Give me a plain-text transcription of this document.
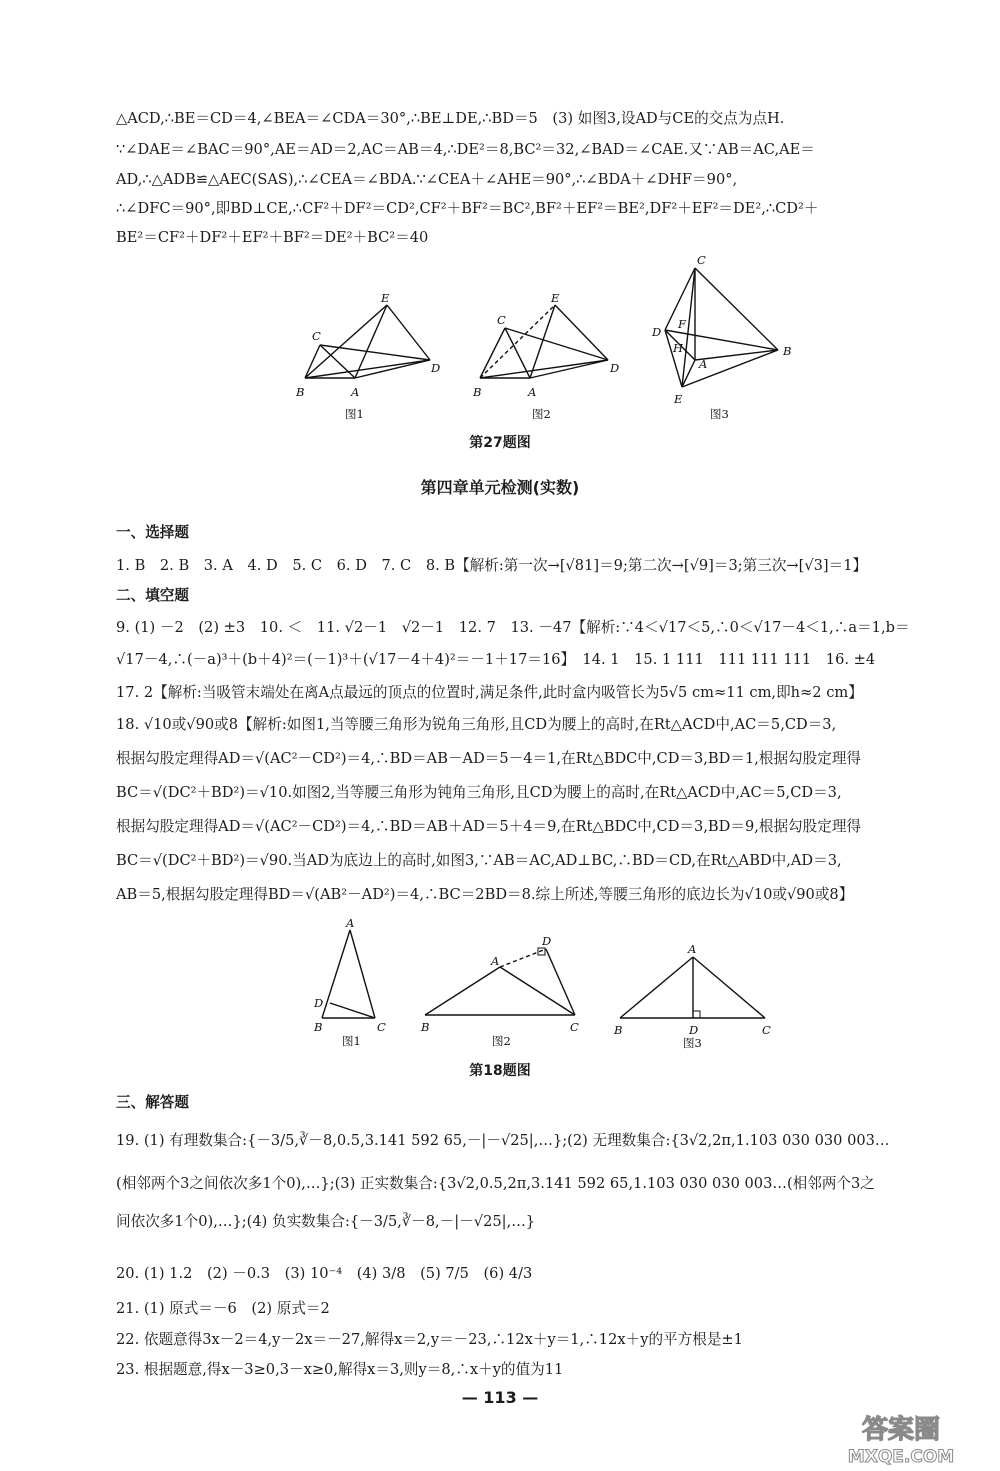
△ACD,∴BE＝CD＝4,∠BEA＝∠CDA＝30°,∴BE⊥DE,∴BD＝5　(3) 如图3,设AD与CE的交点为点H.
∵∠DAE＝∠BAC＝90°,AE＝AD＝2,AC＝AB＝4,∴DE²＝8,BC²＝32,∠BAD＝∠CAE.又∵AB＝AC,AE＝
AD,∴△ADB≌△AEC(SAS),∴∠CEA＝∠BDA.∵∠CEA＋∠AHE＝90°,∴∠BDA＋∠DHF＝90°,
∴∠DFC＝90°,即BD⊥CE,∴CF²＋DF²＝CD²,CF²＋BF²＝BC²,BF²＋EF²＝BE²,DF²＋EF²＝DE²,∴CD²＋
BE²＝CF²＋DF²＋EF²＋BF²＝DE²＋BC²＝40
E
C
D
B	A
图1
E
C
D
B	A
图2
C
D
F
H
A
B
E
图3
第27题图
第四章单元检测(实数)
一、选择题
1. B　2. B　3. A　4. D　5. C　6. D　7. C　8. B【解析:第一次→[√81]＝9;第二次→[√9]＝3;第三次→[√3]＝1】
二、填空题
9. (1) －2　(2) ±3　10. ＜　11. √2－1　√2－1　12. 7　13. －47【解析:∵4＜√17＜5,∴0＜√17－4＜1,∴a＝1,b＝
√17－4,∴(－a)³＋(b＋4)²＝(－1)³＋(√17－4＋4)²＝－1＋17＝16】　14. 1　15. 1 111　111 111 111　16. ±4
17. 2【解析:当吸管末端处在离A点最远的顶点的位置时,满足条件,此时盒内吸管长为5√5 cm≈11 cm,即h≈2 cm】
18. √10或√90或8【解析:如图1,当等腰三角形为锐角三角形,且CD为腰上的高时,在Rt△ACD中,AC＝5,CD＝3,
根据勾股定理得AD＝√(AC²－CD²)＝4,∴BD＝AB－AD＝5－4＝1,在Rt△BDC中,CD＝3,BD＝1,根据勾股定理得
BC＝√(DC²＋BD²)＝√10.如图2,当等腰三角形为钝角三角形,且CD为腰上的高时,在Rt△ACD中,AC＝5,CD＝3,
根据勾股定理得AD＝√(AC²－CD²)＝4,∴BD＝AB＋AD＝5＋4＝9,在Rt△BDC中,CD＝3,BD＝9,根据勾股定理得
BC＝√(DC²＋BD²)＝√90.当AD为底边上的高时,如图3,∵AB＝AC,AD⊥BC,∴BD＝CD,在Rt△ABD中,AD＝3,
AB＝5,根据勾股定理得BD＝√(AB²－AD²)＝4,∴BC＝2BD＝8.综上所述,等腰三角形的底边长为√10或√90或8】
A
D
B	C
图1
D
A
B	C
图2
A
B	D	C
图3
第18题图
三、解答题
19. (1) 有理数集合:{－3/5,∛－8,0.5,3.141 592 65,－|－√25|,…};(2) 无理数集合:{3√2,2π,1.103 030 030 003…
(相邻两个3之间依次多1个0),…};(3) 正实数集合:{3√2,0.5,2π,3.141 592 65,1.103 030 030 003…(相邻两个3之
间依次多1个0),…};(4) 负实数集合:{－3/5,∛－8,－|－√25|,…}
20. (1) 1.2　(2) －0.3　(3) 10⁻⁴　(4) 3/8　(5) 7/5　(6) 4/3
21. (1) 原式＝－6　(2) 原式＝2
22. 依题意得3x－2＝4,y－2x＝－27,解得x＝2,y＝－23,∴12x＋y＝1,∴12x＋y的平方根是±1
23. 根据题意,得x－3≥0,3－x≥0,解得x＝3,则y＝8,∴x＋y的值为11
— 113 —
答案圈
MXQE.COM
